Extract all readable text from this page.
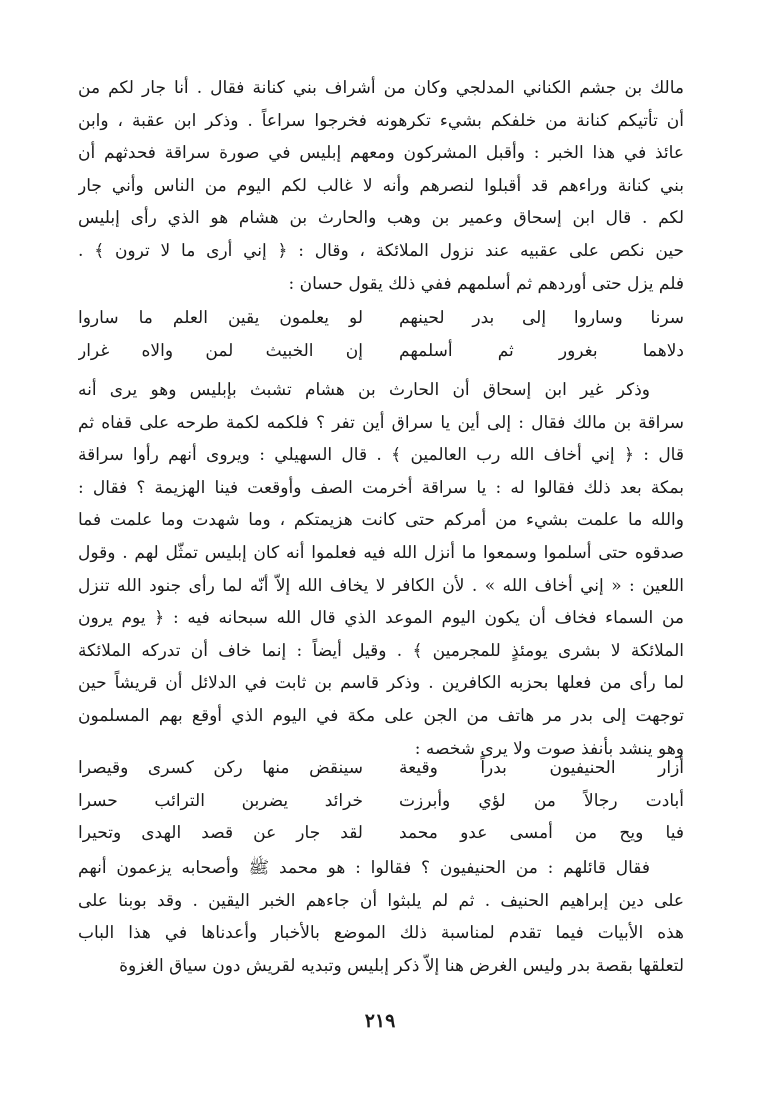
مالك بن جشم الكناني المدلجي وكان من أشراف بني كنانة فقال . أنا جار لكم من
أن تأتيكم كنانة من خلفكم بشيء تكرهونه فخرجوا سراعاً . وذكر ابن عقبة ، وابن
عائذ في هذا الخبر : وأقبل المشركون ومعهم إبليس في صورة سراقة فحدثهم أن
بني كنانة وراءهم قد أقبلوا لنصرهم وأنه لا غالب لكم اليوم من الناس وأني جار
لكم . قال ابن إسحاق وعمير بن وهب والحارث بن هشام هو الذي رأى إبليس
حين نكص على عقبيه عند نزول الملائكة ، وقال : ﴿ إني أرى ما لا ترون ﴾ .
فلم يزل حتى أوردهم ثم أسلمهم ففي ذلك يقول حسان :
سرنا وساروا إلى بدر لحينهم
لو يعلمون يقين العلم ما ساروا
دلاهما بغرور ثم أسلمهم
إن الخبيث لمن والاه غرار
وذكر غير ابن إسحاق أن الحارث بن هشام تشبث بإبليس وهو يرى أنه
سراقة بن مالك فقال : إلى أين يا سراق أين تفر ؟ فلكمه لكمة طرحه على قفاه ثم
قال : ﴿ إني أخاف الله رب العالمين ﴾ . قال السهيلي : ويروى أنهم رأوا سراقة
بمكة بعد ذلك فقالوا له : يا سراقة أخرمت الصف وأوقعت فينا الهزيمة ؟ فقال :
والله ما علمت بشيء من أمركم حتى كانت هزيمتكم ، وما شهدت وما علمت فما
صدقوه حتى أسلموا وسمعوا ما أنزل الله فيه فعلموا أنه كان إبليس تمثّل لهم . وقول
اللعين : « إني أخاف الله » . لأن الكافر لا يخاف الله إلاّ أنّه لما رأى جنود الله تنزل
من السماء فخاف أن يكون اليوم الموعد الذي قال الله سبحانه فيه : ﴿ يوم يرون
الملائكة لا بشرى يومئذٍ للمجرمين ﴾ . وقيل أيضاً : إنما خاف أن تدركه الملائكة
لما رأى من فعلها بحزبه الكافرين . وذكر قاسم بن ثابت في الدلائل أن قريشاً حين
توجهت إلى بدر مر هاتف من الجن على مكة في اليوم الذي أوقع بهم المسلمون
وهو ينشد بأنفذ صوت ولا يرى شخصه :
أزار الحنيفيون بدراً وقيعة
سينقض منها ركن كسرى وقيصرا
أبادت رجالاً من لؤي وأبرزت
خرائد يضربن الترائب حسرا
فيا ويح من أمسى عدو محمد
لقد جار عن قصد الهدى وتحيرا
فقال قائلهم : من الحنيفيون ؟ فقالوا : هو محمد ﷺ وأصحابه يزعمون أنهم
على دين إبراهيم الحنيف . ثم لم يلبثوا أن جاءهم الخبر اليقين . وقد بوبنا على
هذه الأبيات فيما تقدم لمناسبة ذلك الموضع بالأخبار وأعدناها في هذا الباب
لتعلقها بقصة بدر وليس الغرض هنا إلاّ ذكر إبليس وتبديه لقريش دون سياق الغزوة
٢١٩
